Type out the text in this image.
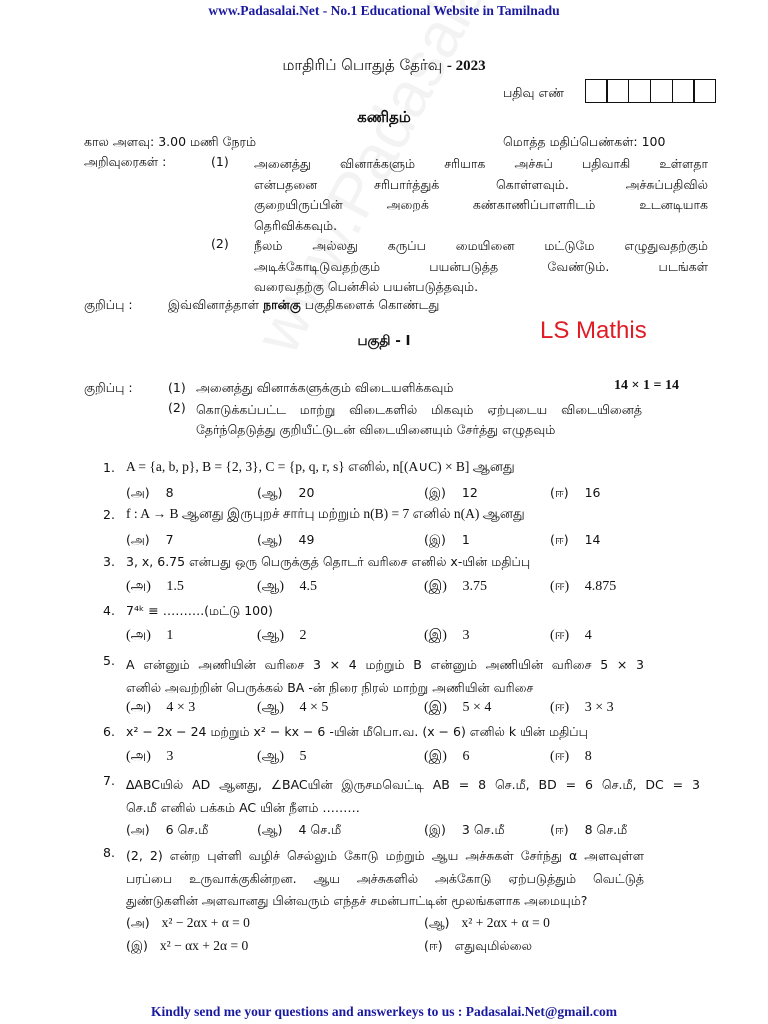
www.Padasalai.Net - No.1 Educational Website in Tamilnadu
மாதிரிப் பொதுத் தேர்வு - 2023
பதிவு எண்
கணிதம்
கால அளவு: 3.00 மணி நேரம்	மொத்த மதிப்பெண்கள்: 100
அறிவுரைகள் :	(1) அனைத்து வினாக்களும் சரியாக அச்சுப் பதிவாகி உள்ளதா
என்பதனை சரிபார்த்துக் கொள்ளவும். அச்சுப்பதிவில்
குறையிருப்பின் அறைக் கண்காணிப்பாளரிடம் உடனடியாக
தெரிவிக்கவும்.
(2) நீலம் அல்லது கருப்ப மையினை மட்டுமே எழுதுவதற்கும்
அடிக்கோடிடுவதற்கும் பயன்படுத்த வேண்டும். படங்கள்
வரைவதற்கு பென்சில் பயன்படுத்தவும்.
குறிப்பு :	இவ்வினாத்தாள் நான்கு பகுதிகளைக் கொண்டது
LS Mathis
பகுதி - I
குறிப்பு :	(1) அனைத்து வினாக்களுக்கும் விடையளிக்கவும்	14 × 1 = 14
(2) கொடுக்கப்பட்ட மாற்று விடைகளில் மிகவும் ஏற்புடைய விடையினைத்
தேர்ந்தெடுத்து குறியீட்டுடன் விடையினையும் சேர்த்து எழுதவும்
1. A = {a, b, p}, B = {2, 3}, C = {p, q, r, s} எனில், n[(A∪C) × B] ஆனது
(அ) 8	(ஆ) 20	(இ) 12	(ஈ) 16
2. f : A → B ஆனது இருபுறச் சார்பு மற்றும் n(B) = 7 எனில் n(A) ஆனது
(அ) 7	(ஆ) 49	(இ) 1	(ஈ) 14
3. 3, x, 6.75 என்பது ஒரு பெருக்குத் தொடர் வரிசை எனில் x-யின் மதிப்பு
(அ) 1.5	(ஆ) 4.5	(இ) 3.75	(ஈ) 4.875
4. 7⁴ᵏ ≡ ……….(மட்டு 100)
(அ) 1	(ஆ) 2	(இ) 3	(ஈ) 4
5. A என்னும் அணியின் வரிசை 3 × 4 மற்றும் B என்னும் அணியின் வரிசை 5 × 3
எனில் அவற்றின் பெருக்கல் BA -ன் நிரை நிரல் மாற்று அணியின் வரிசை
(அ) 4 × 3	(ஆ) 4 × 5	(இ) 5 × 4	(ஈ) 3 × 3
6. x² − 2x − 24 மற்றும் x² − kx − 6 -யின் மீபொ.வ. (x − 6) எனில் k யின் மதிப்பு
(அ) 3	(ஆ) 5	(இ) 6	(ஈ) 8
7. ∆ABCயில் AD ஆனது, ∠BACயின் இருசமவெட்டி AB = 8 செ.மீ, BD = 6 செ.மீ, DC = 3
செ.மீ எனில் பக்கம் AC யின் நீளம் ………
(அ) 6 செ.மீ	(ஆ) 4 செ.மீ	(இ) 3 செ.மீ	(ஈ) 8 செ.மீ
8. (2, 2) என்ற புள்ளி வழிச் செல்லும் கோடு மற்றும் ஆய அச்சுகள் சேர்ந்து α அளவுள்ள
பரப்பை உருவாக்குகின்றன. ஆய அச்சுகளில் அக்கோடு ஏற்படுத்தும் வெட்டுத்
துண்டுகளின் அளவானது பின்வரும் எந்தச் சமன்பாட்டின் மூலங்களாக அமையும்?
(அ) x² − 2αx + α = 0	(ஆ) x² + 2αx + α = 0
(இ) x² − αx + 2α = 0	(ஈ) எதுவுமில்லை
Kindly send me your questions and answerkeys to us : Padasalai.Net@gmail.com
